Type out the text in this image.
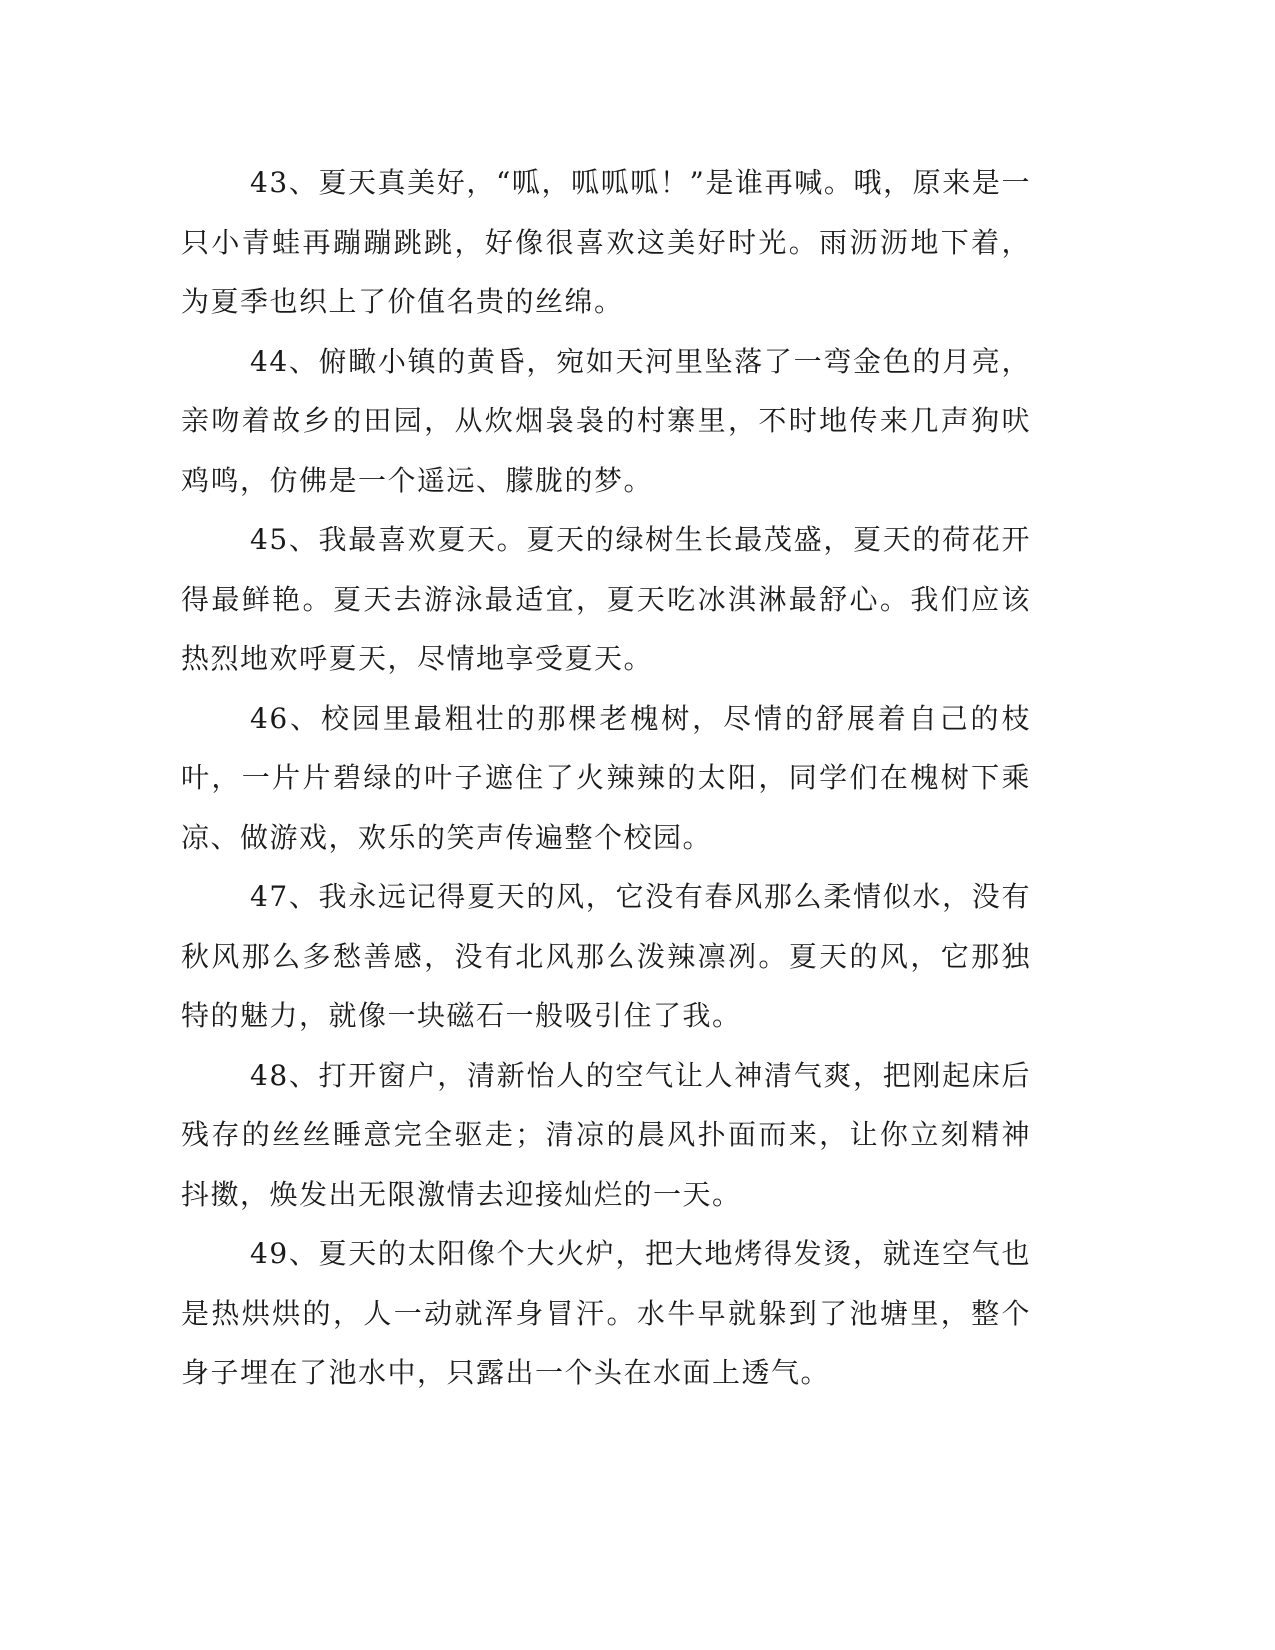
43、夏天真美好，“呱，呱呱呱！”是谁再喊。哦，原来是一只小青蛙再蹦蹦跳跳，好像很喜欢这美好时光。雨沥沥地下着，为夏季也织上了价值名贵的丝绵。

44、俯瞰小镇的黄昏，宛如天河里坠落了一弯金色的月亮，亲吻着故乡的田园，从炊烟袅袅的村寨里，不时地传来几声狗吠鸡鸣，仿佛是一个遥远、朦胧的梦。

45、我最喜欢夏天。夏天的绿树生长最茂盛，夏天的荷花开得最鲜艳。夏天去游泳最适宜，夏天吃冰淇淋最舒心。我们应该热烈地欢呼夏天，尽情地享受夏天。

46、校园里最粗壮的那棵老槐树，尽情的舒展着自己的枝叶，一片片碧绿的叶子遮住了火辣辣的太阳，同学们在槐树下乘凉、做游戏，欢乐的笑声传遍整个校园。

47、我永远记得夏天的风，它没有春风那么柔情似水，没有秋风那么多愁善感，没有北风那么泼辣凛冽。夏天的风，它那独特的魅力，就像一块磁石一般吸引住了我。

48、打开窗户，清新怡人的空气让人神清气爽，把刚起床后残存的丝丝睡意完全驱走；清凉的晨风扑面而来，让你立刻精神抖擞，焕发出无限激情去迎接灿烂的一天。

49、夏天的太阳像个大火炉，把大地烤得发烫，就连空气也是热烘烘的，人一动就浑身冒汗。水牛早就躲到了池塘里，整个身子埋在了池水中，只露出一个头在水面上透气。
